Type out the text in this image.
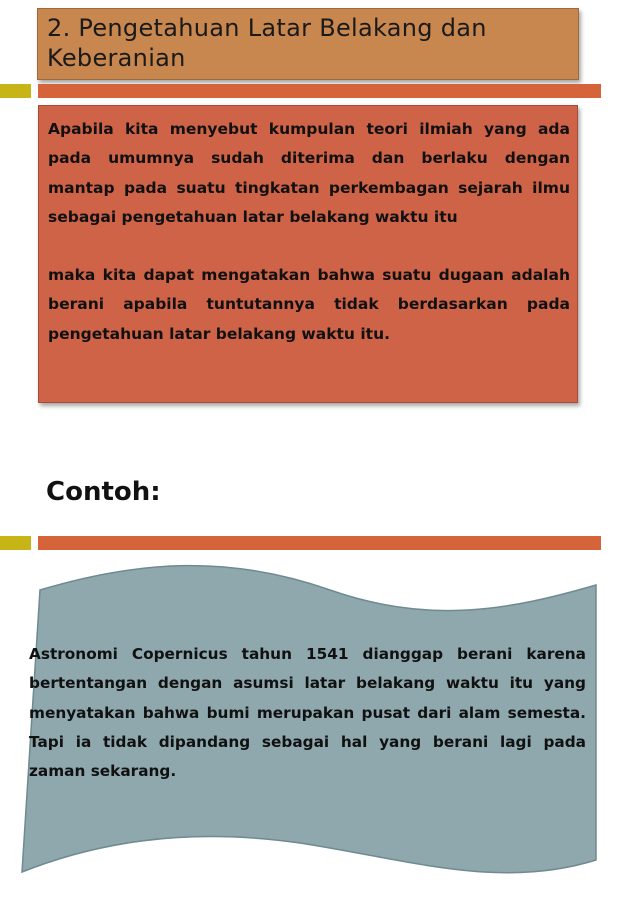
2. Pengetahuan Latar Belakang dan Keberanian

Apabila kita menyebut kumpulan teori ilmiah yang ada pada umumnya sudah diterima dan berlaku dengan mantap pada suatu tingkatan perkembagan sejarah ilmu sebagai pengetahuan latar belakang waktu itu

maka kita dapat mengatakan bahwa suatu dugaan adalah berani apabila tuntutannya tidak berdasarkan pada pengetahuan latar belakang waktu itu.

Contoh:

Astronomi Copernicus tahun 1541 dianggap berani karena bertentangan dengan asumsi latar belakang waktu itu yang menyatakan bahwa bumi merupakan pusat dari alam semesta. Tapi ia tidak dipandang sebagai hal yang berani lagi pada zaman sekarang.
